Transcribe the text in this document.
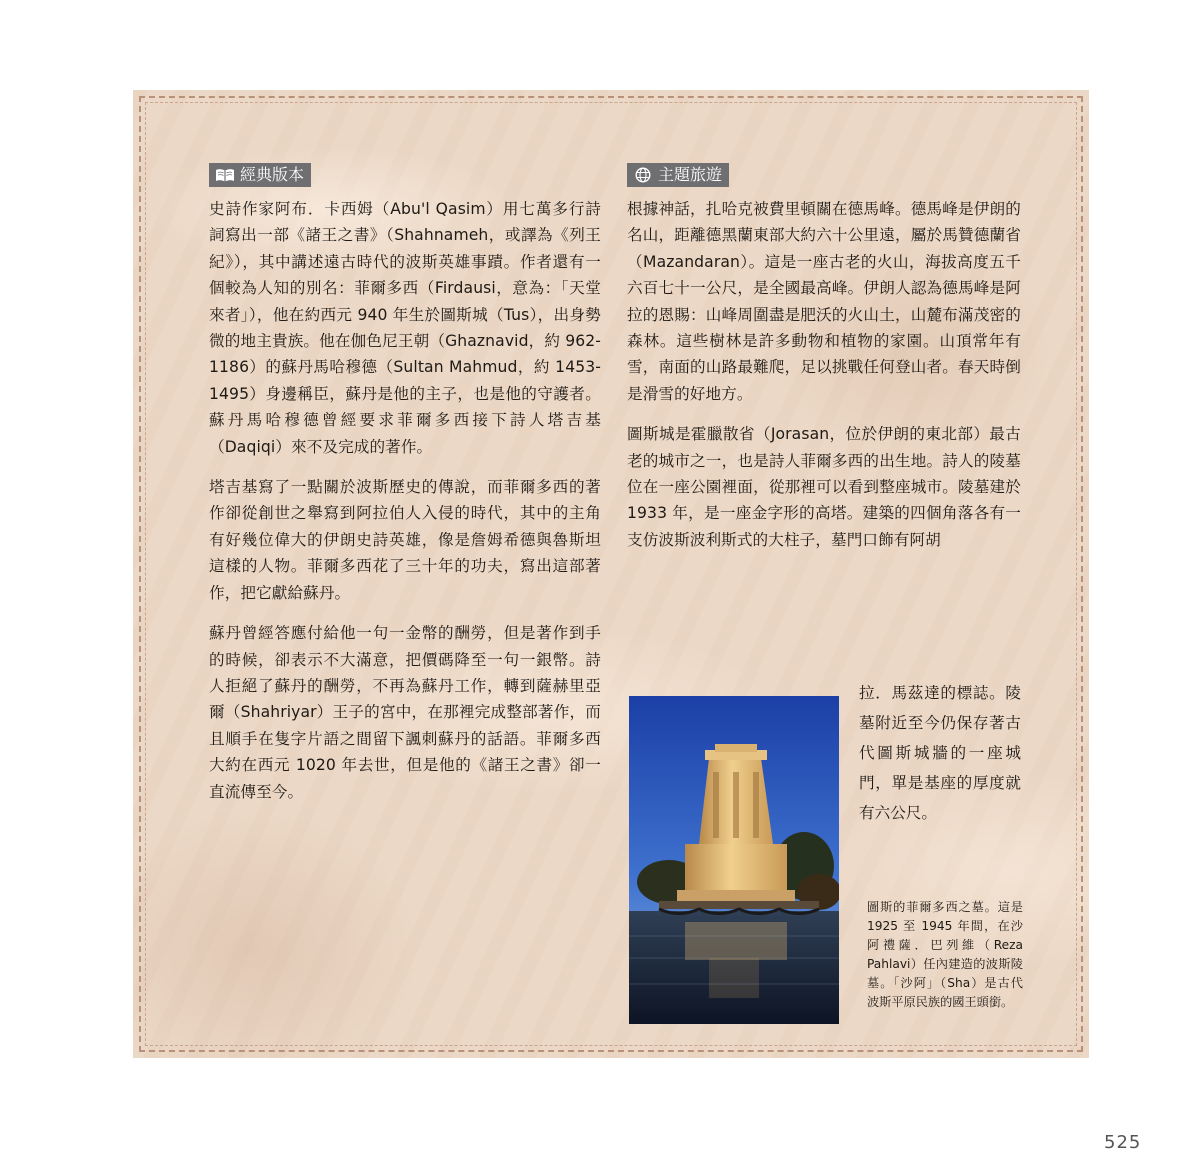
經典版本

史詩作家阿布．卡西姆（Abu'l Qasim）用七萬多行詩詞寫出一部《諸王之書》（Shahnameh，或譯為《列王紀》），其中講述遠古時代的波斯英雄事蹟。作者還有一個較為人知的別名：菲爾多西（Firdausi，意為：「天堂來者」），他在約西元 940 年生於圖斯城（Tus），出身勢微的地主貴族。他在伽色尼王朝（Ghaznavid，約 962-1186）的蘇丹馬哈穆德（Sultan Mahmud，約 1453-1495）身邊稱臣，蘇丹是他的主子，也是他的守護者。蘇丹馬哈穆德曾經要求菲爾多西接下詩人塔吉基（Daqiqi）來不及完成的著作。

塔吉基寫了一點關於波斯歷史的傳說，而菲爾多西的著作卻從創世之舉寫到阿拉伯人入侵的時代，其中的主角有好幾位偉大的伊朗史詩英雄，像是詹姆希德與魯斯坦這樣的人物。菲爾多西花了三十年的功夫，寫出這部著作，把它獻給蘇丹。

蘇丹曾經答應付給他一句一金幣的酬勞，但是著作到手的時候，卻表示不大滿意，把價碼降至一句一銀幣。詩人拒絕了蘇丹的酬勞，不再為蘇丹工作，轉到薩赫里亞爾（Shahriyar）王子的宮中，在那裡完成整部著作，而且順手在隻字片語之間留下諷刺蘇丹的話語。菲爾多西大約在西元 1020 年去世，但是他的《諸王之書》卻一直流傳至今。

主題旅遊

根據神話，扎哈克被費里頓關在德馬峰。德馬峰是伊朗的名山，距離德黑蘭東部大約六十公里遠，屬於馬贊德蘭省（Mazandaran）。這是一座古老的火山，海拔高度五千六百七十一公尺，是全國最高峰。伊朗人認為德馬峰是阿拉的恩賜：山峰周圍盡是肥沃的火山土，山麓布滿茂密的森林。這些樹林是許多動物和植物的家園。山頂常年有雪，南面的山路最難爬，足以挑戰任何登山者。春天時倒是滑雪的好地方。

圖斯城是霍臘散省（Jorasan，位於伊朗的東北部）最古老的城市之一，也是詩人菲爾多西的出生地。詩人的陵墓位在一座公園裡面，從那裡可以看到整座城市。陵墓建於 1933 年，是一座金字形的高塔。建築的四個角落各有一支仿波斯波利斯式的大柱子，墓門口飾有阿胡

拉．馬茲達的標誌。陵墓附近至今仍保存著古代圖斯城牆的一座城門，單是基座的厚度就有六公尺。

圖斯的菲爾多西之墓。這是 1925 至 1945 年間，在沙阿禮薩．巴列維（Reza Pahlavi）任內建造的波斯陵墓。「沙阿」（Sha）是古代波斯平原民族的國王頭銜。

525
